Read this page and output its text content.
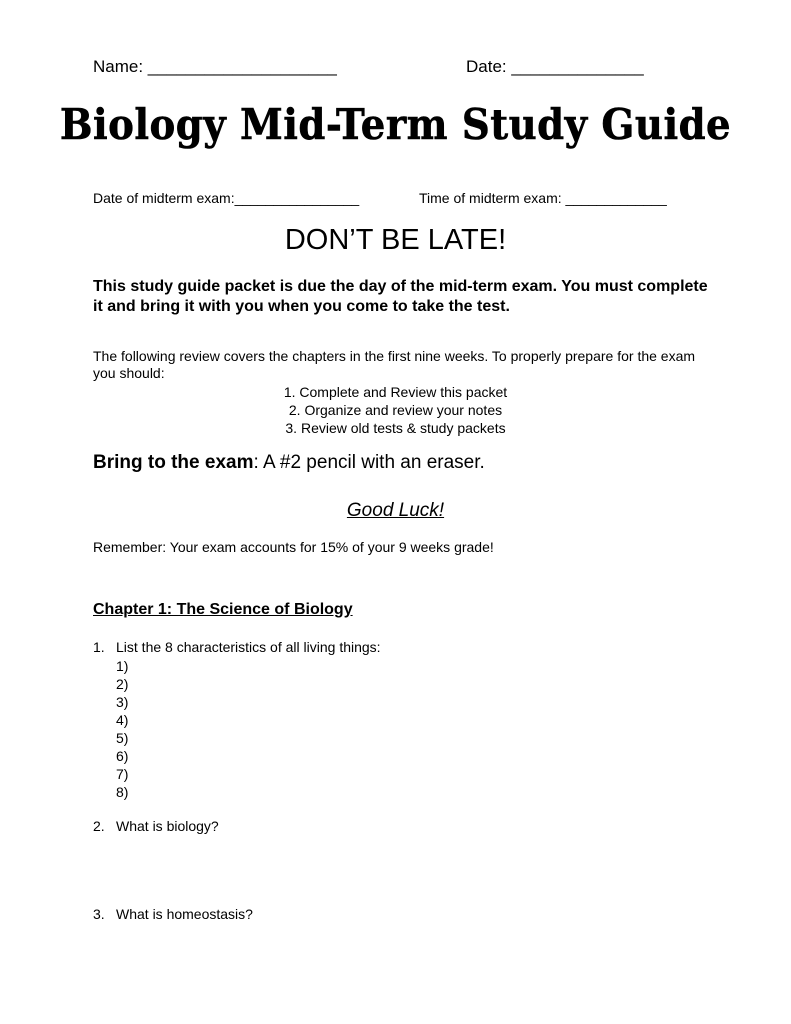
Name: ____________________	Date: ______________
Biology Mid-Term Study Guide
Date of midterm exam:________________	Time of midterm exam: _____________
DON’T BE LATE!
This study guide packet is due the day of the mid-term exam. You must complete it and bring it with you when you come to take the test.
The following review covers the chapters in the first nine weeks. To properly prepare for the exam you should:
1. Complete and Review this packet
2. Organize and review your notes
3. Review old tests & study packets
Bring to the exam: A #2 pencil with an eraser.
Good Luck!
Remember: Your exam accounts for 15% of your 9 weeks grade!
Chapter 1: The Science of Biology
1. List the 8 characteristics of all living things:
1)
2)
3)
4)
5)
6)
7)
8)
2. What is biology?
3. What is homeostasis?
